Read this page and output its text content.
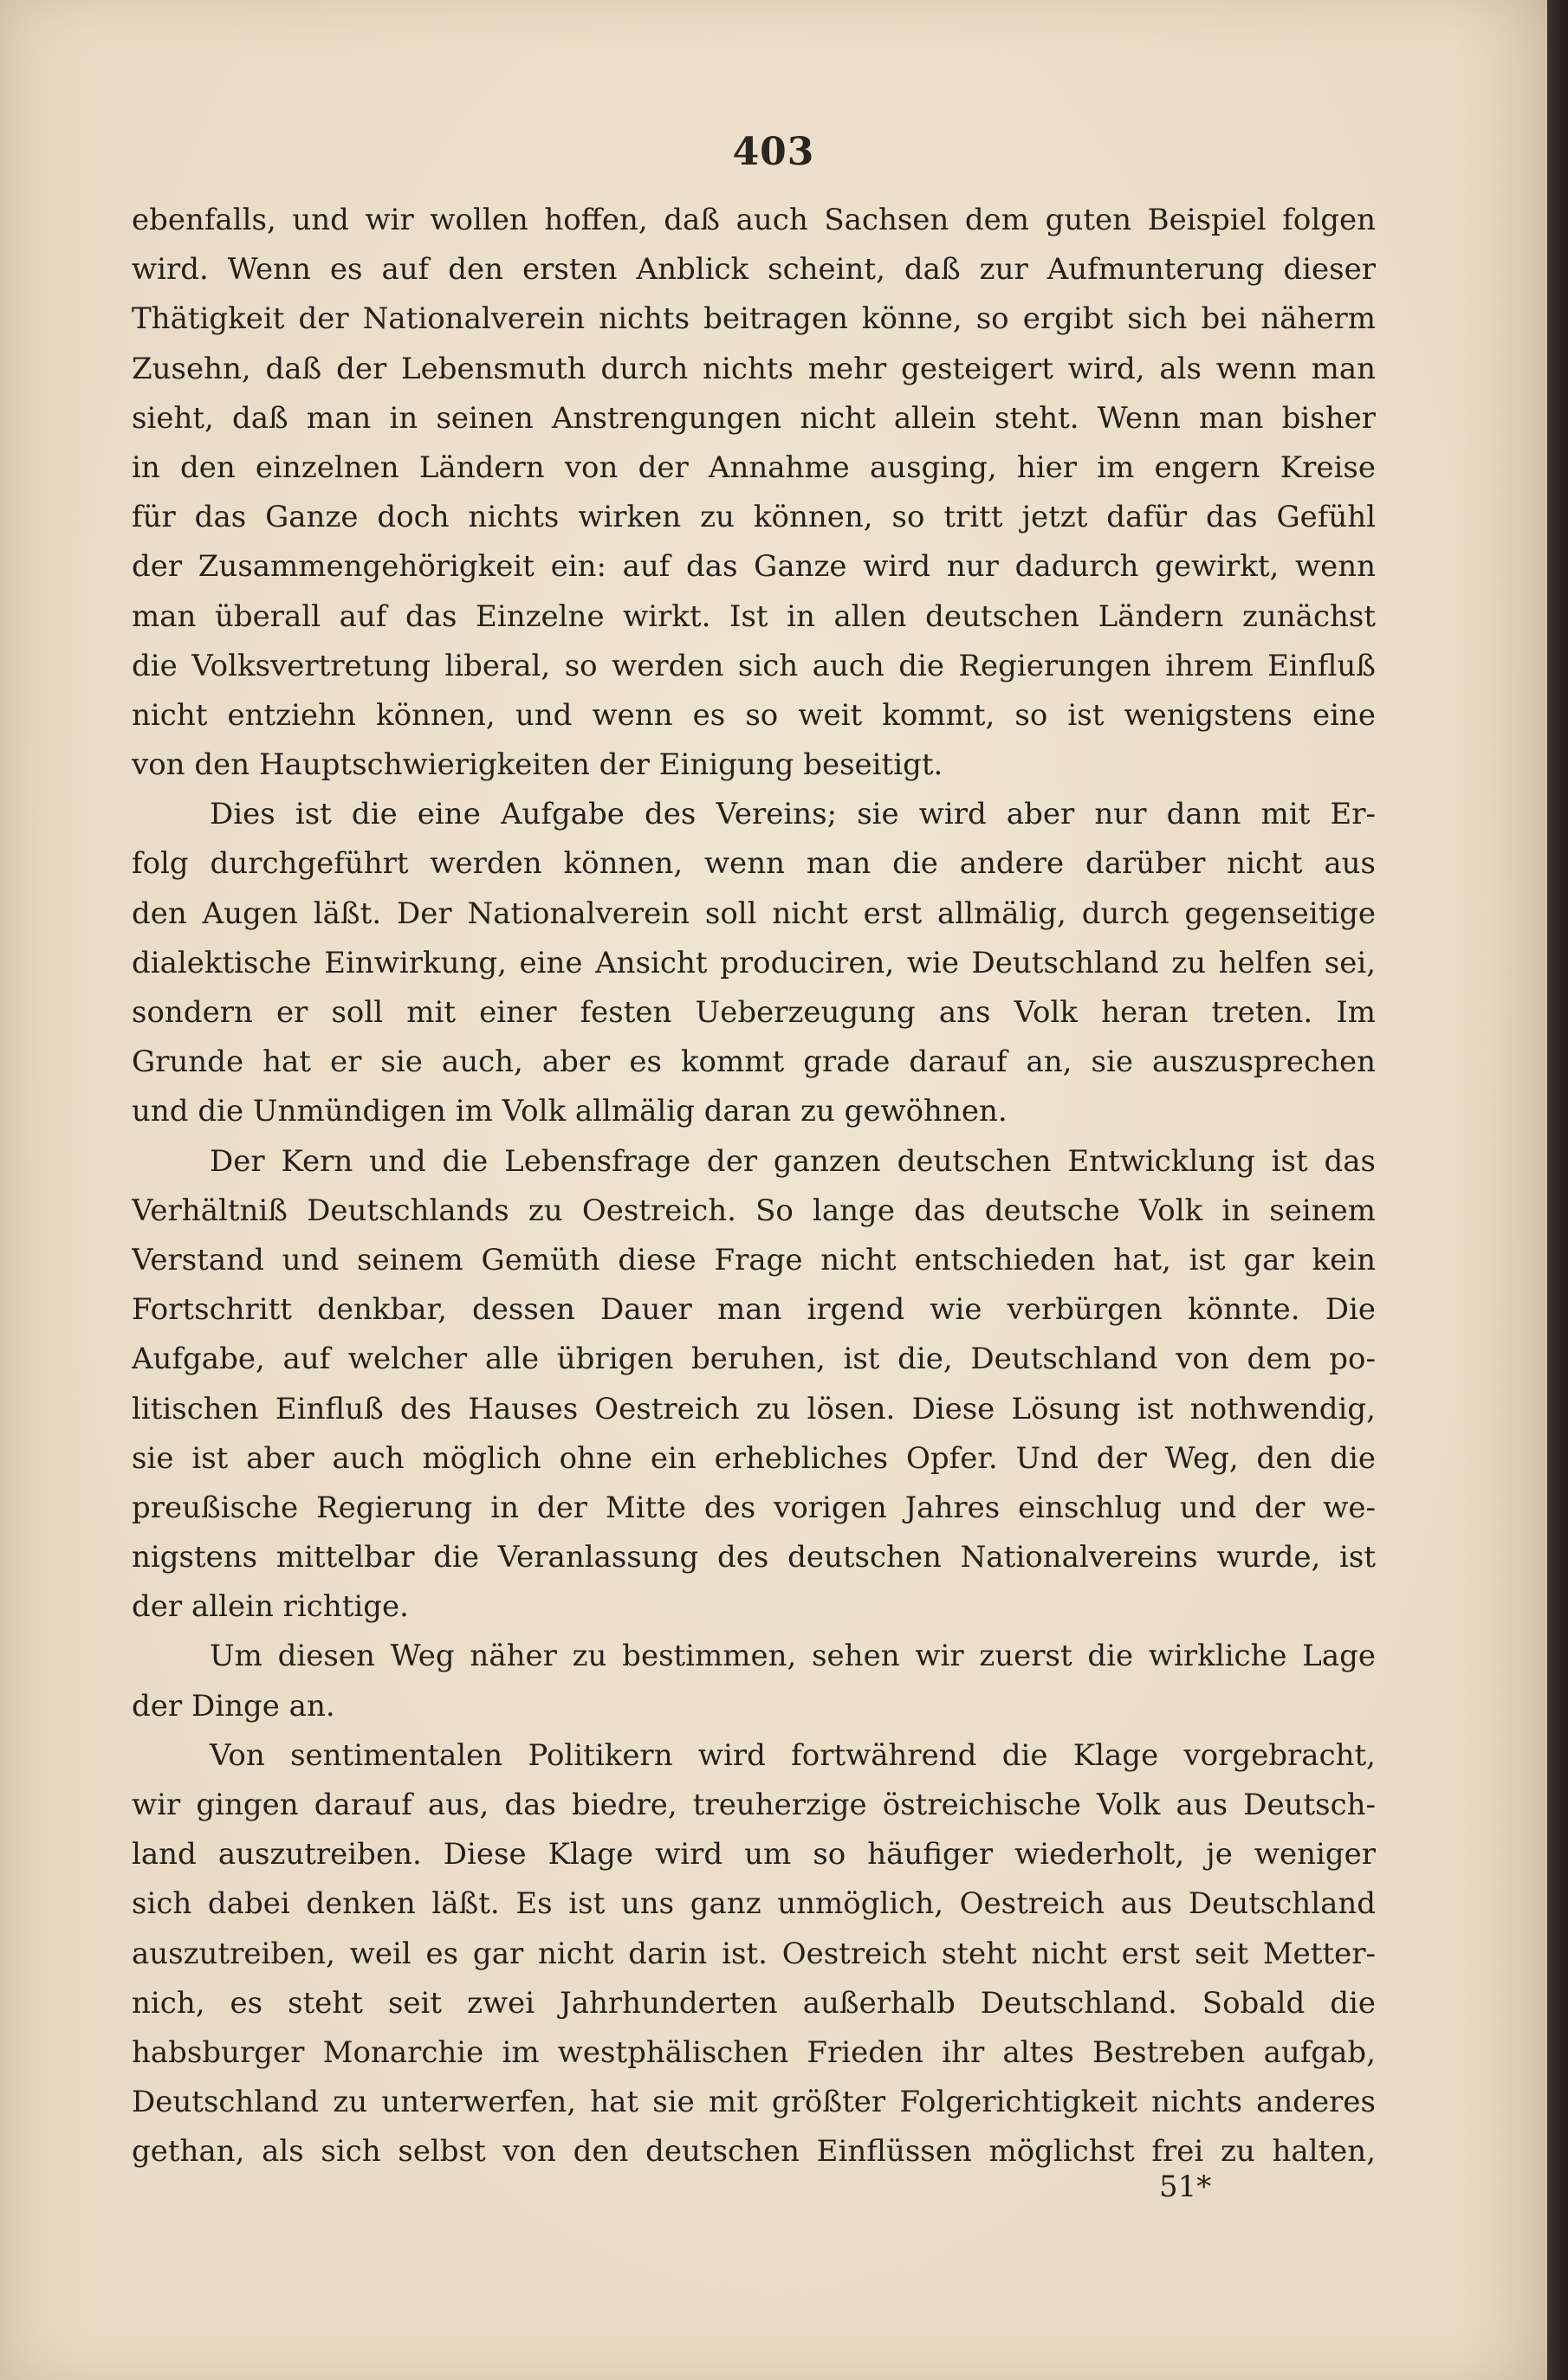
403
ebenfalls, und wir wollen hoffen, daß auch Sachsen dem guten Beispiel folgen
wird. Wenn es auf den ersten Anblick scheint, daß zur Aufmunterung dieser
Thätigkeit der Nationalverein nichts beitragen könne, so ergibt sich bei näherm
Zusehn, daß der Lebensmuth durch nichts mehr gesteigert wird, als wenn man
sieht, daß man in seinen Anstrengungen nicht allein steht. Wenn man bisher
in den einzelnen Ländern von der Annahme ausging, hier im engern Kreise
für das Ganze doch nichts wirken zu können, so tritt jetzt dafür das Gefühl
der Zusammengehörigkeit ein: auf das Ganze wird nur dadurch gewirkt, wenn
man überall auf das Einzelne wirkt. Ist in allen deutschen Ländern zunächst
die Volksvertretung liberal, so werden sich auch die Regierungen ihrem Einfluß
nicht entziehn können, und wenn es so weit kommt, so ist wenigstens eine
von den Hauptschwierigkeiten der Einigung beseitigt.
Dies ist die eine Aufgabe des Vereins; sie wird aber nur dann mit Er-
folg durchgeführt werden können, wenn man die andere darüber nicht aus
den Augen läßt. Der Nationalverein soll nicht erst allmälig, durch gegenseitige
dialektische Einwirkung, eine Ansicht produciren, wie Deutschland zu helfen sei,
sondern er soll mit einer festen Ueberzeugung ans Volk heran treten. Im
Grunde hat er sie auch, aber es kommt grade darauf an, sie auszusprechen
und die Unmündigen im Volk allmälig daran zu gewöhnen.
Der Kern und die Lebensfrage der ganzen deutschen Entwicklung ist das
Verhältniß Deutschlands zu Oestreich. So lange das deutsche Volk in seinem
Verstand und seinem Gemüth diese Frage nicht entschieden hat, ist gar kein
Fortschritt denkbar, dessen Dauer man irgend wie verbürgen könnte. Die
Aufgabe, auf welcher alle übrigen beruhen, ist die, Deutschland von dem po-
litischen Einfluß des Hauses Oestreich zu lösen. Diese Lösung ist nothwendig,
sie ist aber auch möglich ohne ein erhebliches Opfer. Und der Weg, den die
preußische Regierung in der Mitte des vorigen Jahres einschlug und der we-
nigstens mittelbar die Veranlassung des deutschen Nationalvereins wurde, ist
der allein richtige.
Um diesen Weg näher zu bestimmen, sehen wir zuerst die wirkliche Lage
der Dinge an.
Von sentimentalen Politikern wird fortwährend die Klage vorgebracht,
wir gingen darauf aus, das biedre, treuherzige östreichische Volk aus Deutsch-
land auszutreiben. Diese Klage wird um so häufiger wiederholt, je weniger
sich dabei denken läßt. Es ist uns ganz unmöglich, Oestreich aus Deutschland
auszutreiben, weil es gar nicht darin ist. Oestreich steht nicht erst seit Metter-
nich, es steht seit zwei Jahrhunderten außerhalb Deutschland. Sobald die
habsburger Monarchie im westphälischen Frieden ihr altes Bestreben aufgab,
Deutschland zu unterwerfen, hat sie mit größter Folgerichtigkeit nichts anderes
gethan, als sich selbst von den deutschen Einflüssen möglichst frei zu halten,
51*
